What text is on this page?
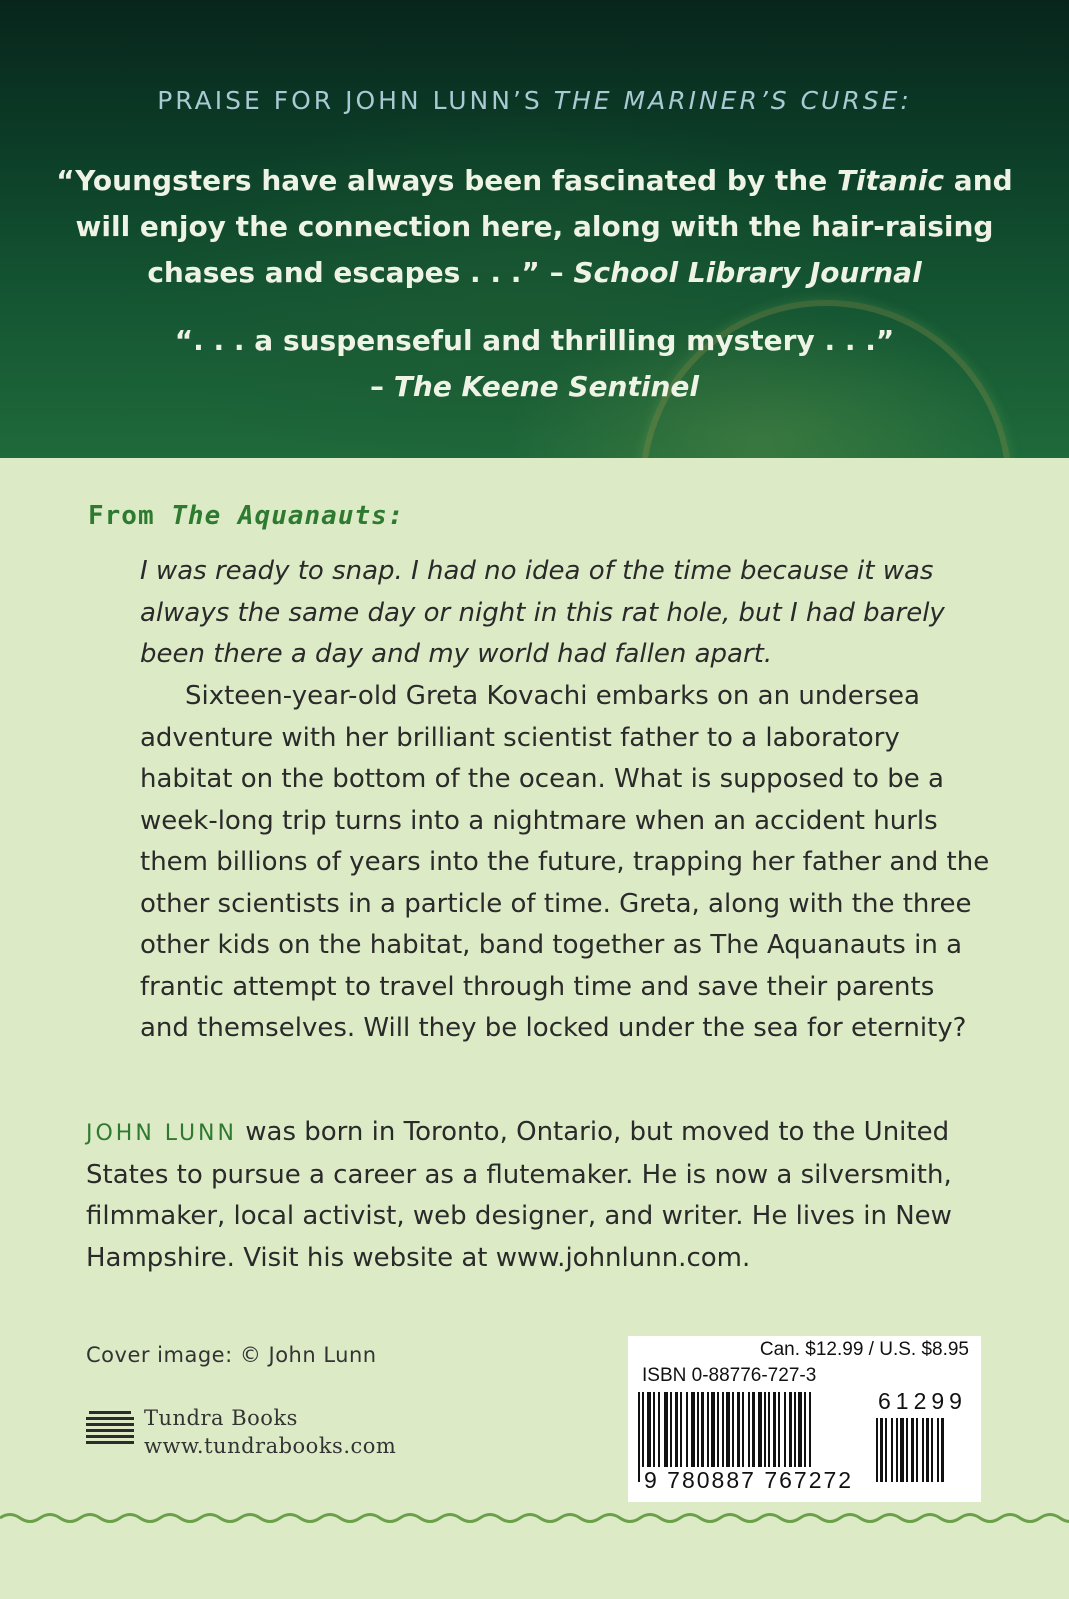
PRAISE FOR JOHN LUNN’S THE MARINER’S CURSE:

“Youngsters have always been fascinated by the Titanic and
will enjoy the connection here, along with the hair-raising
chases and escapes . . .” – School Library Journal

“. . . a suspenseful and thrilling mystery . . .”
– The Keene Sentinel

From The Aquanauts:

I was ready to snap. I had no idea of the time because it was always the same day or night in this rat hole, but I had barely been there a day and my world had fallen apart.

Sixteen-year-old Greta Kovachi embarks on an undersea adventure with her brilliant scientist father to a laboratory habitat on the bottom of the ocean. What is supposed to be a week-long trip turns into a nightmare when an accident hurls them billions of years into the future, trapping her father and the other scientists in a particle of time. Greta, along with the three other kids on the habitat, band together as The Aquanauts in a frantic attempt to travel through time and save their parents and themselves. Will they be locked under the sea for eternity?

JOHN LUNN was born in Toronto, Ontario, but moved to the United States to pursue a career as a flutemaker. He is now a silversmith, filmmaker, local activist, web designer, and writer. He lives in New Hampshire. Visit his website at www.johnlunn.com.

Cover image: © John Lunn

Tundra Books

www.tundrabooks.com

Can. $12.99 / U.S. $8.95

ISBN 0-88776-727-3

61299

9 780887 767272
